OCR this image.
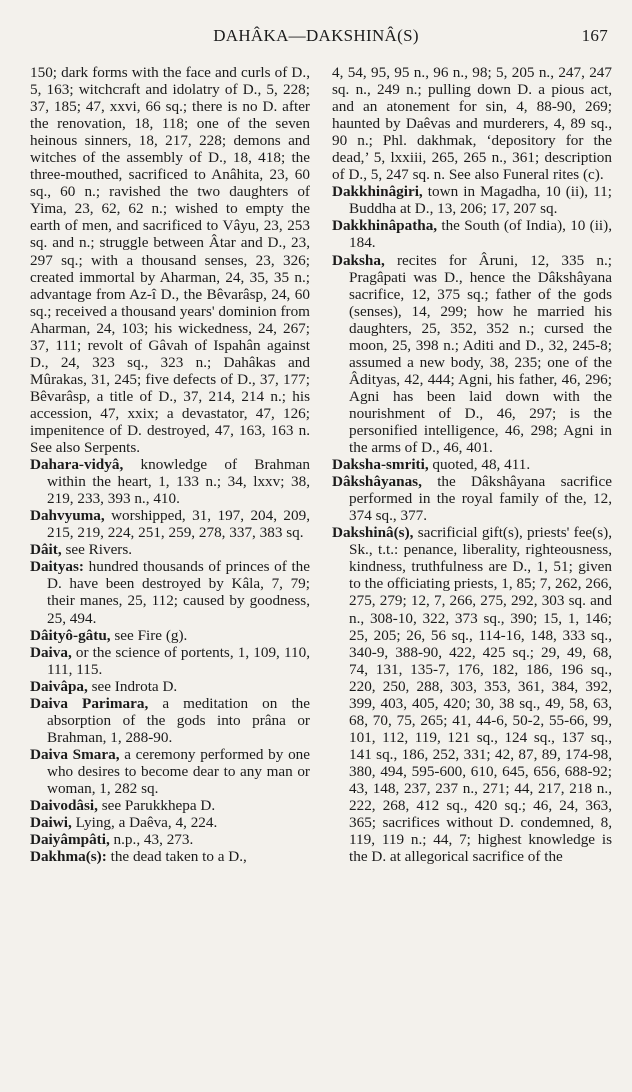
DAHÂKA—DAKSHINÂ(S)	167

150; dark forms with the face and curls of D., 5, 163; witchcraft and idolatry of D., 5, 228; 37, 185; 47, xxvi, 66 sq.; there is no D. after the renovation, 18, 118; one of the seven heinous sinners, 18, 217, 228; demons and witches of the assembly of D., 18, 418; the three-mouthed, sacrificed to Anâhita, 23, 60 sq., 60 n.; ravished the two daughters of Yima, 23, 62, 62 n.; wished to empty the earth of men, and sacrificed to Vâyu, 23, 253 sq. and n.; struggle between Âtar and D., 23, 297 sq.; with a thousand senses, 23, 326; created immortal by Aharman, 24, 35, 35 n.; advantage from Az-î D., the Bêvarâsp, 24, 60 sq.; received a thousand years' dominion from Aharman, 24, 103; his wickedness, 24, 267; 37, 111; revolt of Gâvah of Ispahân against D., 24, 323 sq., 323 n.; Dahâkas and Mûrakas, 31, 245; five defects of D., 37, 177; Bêvarâsp, a title of D., 37, 214, 214 n.; his accession, 47, xxix; a devastator, 47, 126; impenitence of D. destroyed, 47, 163, 163 n. See also Serpents.

Dahara-vidyâ, knowledge of Brahman within the heart, 1, 133 n.; 34, lxxv; 38, 219, 233, 393 n., 410.

Dahvyuma, worshipped, 31, 197, 204, 209, 215, 219, 224, 251, 259, 278, 337, 383 sq.

Dâit, see Rivers.

Daityas: hundred thousands of princes of the D. have been destroyed by Kâla, 7, 79; their manes, 25, 112; caused by goodness, 25, 494.

Dâityô-gâtu, see Fire (g).

Daiva, or the science of portents, 1, 109, 110, 111, 115.

Daivâpa, see Indrota D.

Daiva Parimara, a meditation on the absorption of the gods into prâna or Brahman, 1, 288-90.

Daiva Smara, a ceremony performed by one who desires to become dear to any man or woman, 1, 282 sq.

Daivodâsi, see Parukkhepa D.

Daiwi, Lying, a Daêva, 4, 224.

Daiyâmpâti, n.p., 43, 273.

Dakhma(s): the dead taken to a D.,

4, 54, 95, 95 n., 96 n., 98; 5, 205 n., 247, 247 sq. n., 249 n.; pulling down D. a pious act, and an atonement for sin, 4, 88-90, 269; haunted by Daêvas and murderers, 4, 89 sq., 90 n.; Phl. dakhmak, ‘depository for the dead,’ 5, lxxiii, 265, 265 n., 361; description of D., 5, 247 sq. n. See also Funeral rites (c).

Dakkhinâgiri, town in Magadha, 10 (ii), 11; Buddha at D., 13, 206; 17, 207 sq.

Dakkhinâpatha, the South (of India), 10 (ii), 184.

Daksha, recites for Âruni, 12, 335 n.; Pragâpati was D., hence the Dâkshâyana sacrifice, 12, 375 sq.; father of the gods (senses), 14, 299; how he married his daughters, 25, 352, 352 n.; cursed the moon, 25, 398 n.; Aditi and D., 32, 245-8; assumed a new body, 38, 235; one of the Âdityas, 42, 444; Agni, his father, 46, 296; Agni has been laid down with the nourishment of D., 46, 297; is the personified intelligence, 46, 298; Agni in the arms of D., 46, 401.

Daksha-smriti, quoted, 48, 411.

Dâkshâyanas, the Dâkshâyana sacrifice performed in the royal family of the, 12, 374 sq., 377.

Dakshinâ(s), sacrificial gift(s), priests' fee(s), Sk., t.t.: penance, liberality, righteousness, kindness, truthfulness are D., 1, 51; given to the officiating priests, 1, 85; 7, 262, 266, 275, 279; 12, 7, 266, 275, 292, 303 sq. and n., 308-10, 322, 373 sq., 390; 15, 1, 146; 25, 205; 26, 56 sq., 114-16, 148, 333 sq., 340-9, 388-90, 422, 425 sq.; 29, 49, 68, 74, 131, 135-7, 176, 182, 186, 196 sq., 220, 250, 288, 303, 353, 361, 384, 392, 399, 403, 405, 420; 30, 38 sq., 49, 58, 63, 68, 70, 75, 265; 41, 44-6, 50-2, 55-66, 99, 101, 112, 119, 121 sq., 124 sq., 137 sq., 141 sq., 186, 252, 331; 42, 87, 89, 174-98, 380, 494, 595-600, 610, 645, 656, 688-92; 43, 148, 237, 237 n., 271; 44, 217, 218 n., 222, 268, 412 sq., 420 sq.; 46, 24, 363, 365; sacrifices without D. condemned, 8, 119, 119 n.; 44, 7; highest knowledge is the D. at allegorical sacrifice of the
